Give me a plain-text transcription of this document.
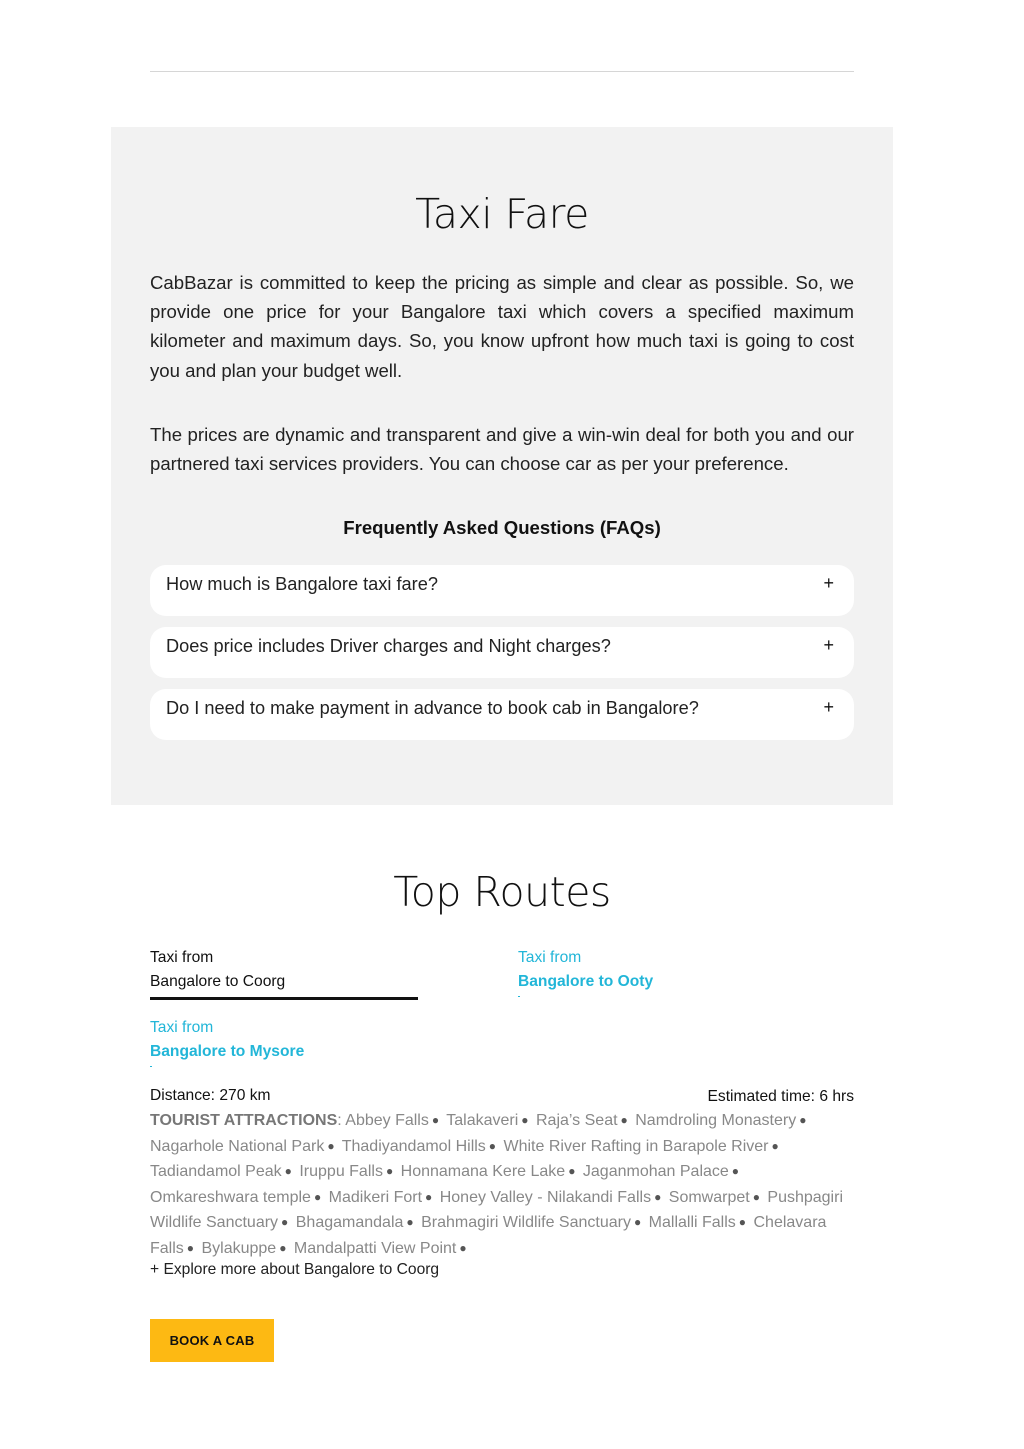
Taxi Fare

CabBazar is committed to keep the pricing as simple and clear as possible. So, we provide one price for your Bangalore taxi which covers a specified maximum kilometer and maximum days. So, you know upfront how much taxi is going to cost you and plan your budget well.

The prices are dynamic and transparent and give a win-win deal for both you and our partnered taxi services providers. You can choose car as per your preference.

Frequently Asked Questions (FAQs)
How much is Bangalore taxi fare?	+
Does price includes Driver charges and Night charges?	+
Do I need to make payment in advance to book cab in Bangalore?	+
Top Routes
Taxi from
Bangalore to Coorg
Taxi from
Bangalore to Ooty
Taxi from
Bangalore to Mysore
Distance: 270 km	Estimated time: 6 hrs

TOURIST ATTRACTIONS: Abbey Falls ● Talakaveri ● Raja’s Seat ● Namdroling Monastery ● Nagarhole National Park ● Thadiyandamol Hills ● White River Rafting in Barapole River ● Tadiandamol Peak ● Iruppu Falls ● Honnamana Kere Lake ● Jaganmohan Palace ● Omkareshwara temple ● Madikeri Fort ● Honey Valley - Nilakandi Falls ● Somwarpet ● Pushpagiri Wildlife Sanctuary ● Bhagamandala ● Brahmagiri Wildlife Sanctuary ● Mallalli Falls ● Chelavara Falls ● Bylakuppe ● Mandalpatti View Point ●

+ Explore more about Bangalore to Coorg
BOOK A CAB
